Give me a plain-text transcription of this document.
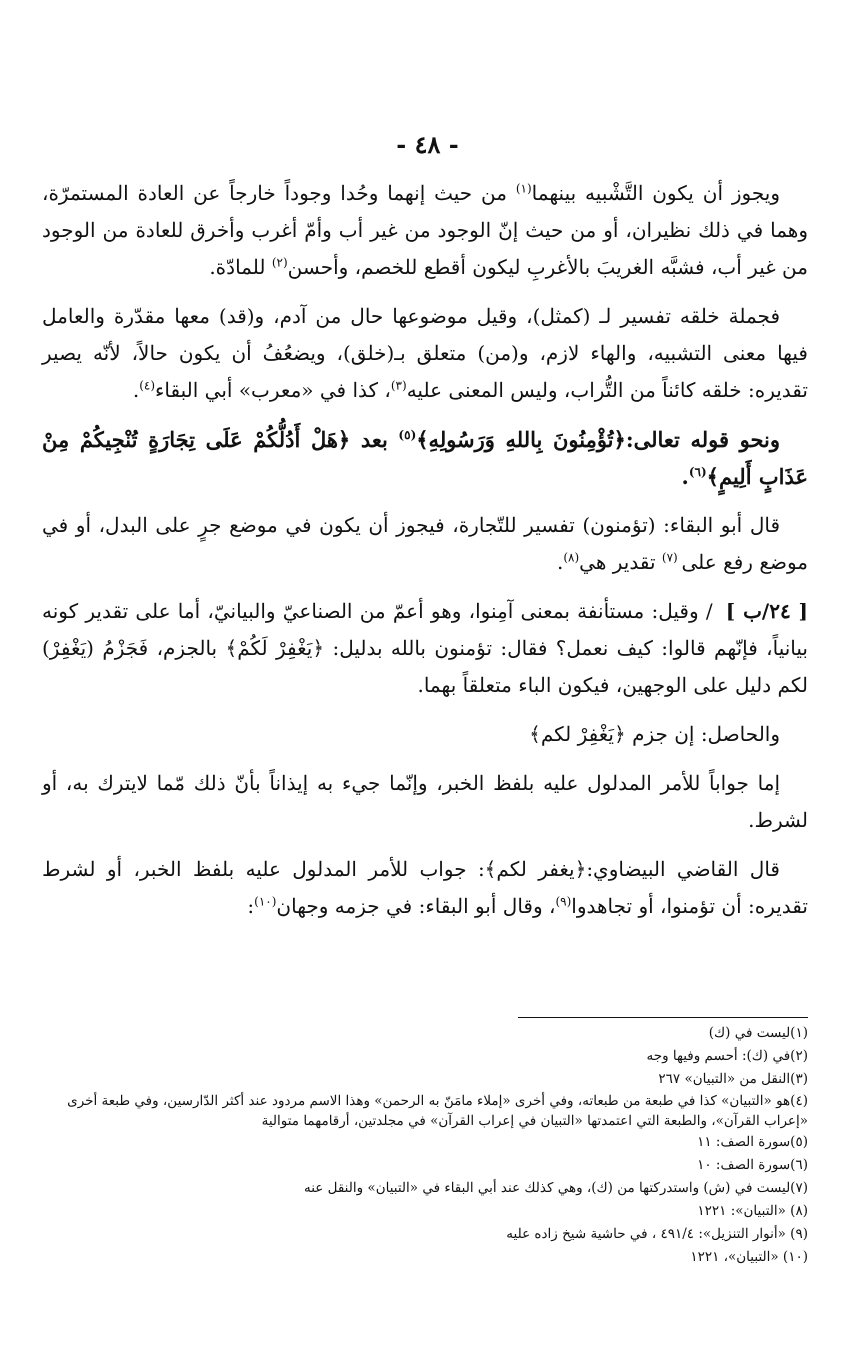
- ٤٨ -

ويجوز أن يكون التَّشْبيه بينهما$^{(١)}$ من حيث إنهما وحُدا وجوداً خارجاً عن العادة المستمرّة، وهما في ذلك نظيران، أو من حيث إنّ الوجود من غير أب وأمّ أغرب وأخرق للعادة من الوجود من غير أب، فشبَّه الغريبَ بالأغربِ ليكون أقطع للخصم، وأحسن$^{(٢)}$ للمادّة.

فجملة خلقه تفسير لـ (كمثل)، وقيل موضوعها حال من آدم، و(قد) معها مقدّرة والعامل فيها معنى التشبيه، والهاء لازم، و(من) متعلق بـ(خلق)، ويضعُفُ أن يكون حالاً، لأنّه يصير تقديره: خلقه كائناً من التُّراب، وليس المعنى عليه$^{(٣)}$، كذا في «معرب» أبي البقاء$^{(٤)}$.

ونحو قوله تعالى:﴿تُؤْمِنُونَ بِاللهِ وَرَسُولِهِ﴾$^{(٥)}$ بعد ﴿هَلْ أَدُلُّكُمْ عَلَى تِجَارَةٍ تُنْجِيكُمْ مِنْ عَذَابٍ أَلِيمٍ﴾$^{(٦)}$.

قال أبو البقاء: (تؤمنون) تفسير للتّجارة، فيجوز أن يكون في موضع جرٍ على البدل، أو في موضع رفع على $^{(٧)}$ تقدير هي$^{(٨)}$.

[ ٢٤/ب ] / وقيل: مستأنفة بمعنى آمِنوا، وهو أعمّ من الصناعيّ والبيانيّ، أما على تقدير كونه بيانياً، فإنّهم قالوا: كيف نعمل؟ فقال: تؤمنون بالله بدليل: ﴿يَغْفِرْ لَكُمْ﴾ بالجزم، فَجَزْمُ (يَغْفِرْ) لكم دليل على الوجهين، فيكون الباء متعلقاً بهما.

والحاصل: إن جزم ﴿يَغْفِرْ لكم﴾

إما جواباً للأمر المدلول عليه بلفظ الخبر، وإنّما جيء به إيذاناً بأنّ ذلك مّما لايترك به، أو لشرط.

قال القاضي البيضاوي:﴿يغفر لكم﴾: جواب للأمر المدلول عليه بلفظ الخبر، أو لشرط تقديره: أن تؤمنوا، أو تجاهدوا$^{(٩)}$، وقال أبو البقاء: في جزمه وجهان$^{(١٠)}$:

(١)ليست في (ك)

(٢)في (ك): أحسم وفيها وجه

(٣)النقل من «التبيان» ٢٦٧

(٤)هو «التبيان» كذا في طبعة من طبعاته، وفي أخرى «إملاء مامَنّ به الرحمن» وهذا الاسم مردود عند أكثر الدّارسين، وفي طبعة أخرى «إعراب القرآن»، والطبعة التي اعتمدتها «التبيان في إعراب القرآن» في مجلدتين، أرقامهما متوالية

(٥)سورة الصف: ١١

(٦)سورة الصف: ١٠

(٧)ليست في (ش) واستدركتها من (ك)، وهي كذلك عند أبي البقاء في «التبيان» والنقل عنه

(٨) «التبيان»: ١٢٢١

(٩) «أنوار التنزيل»: ٤٩١/٤ ، في حاشية شيخ زاده عليه

(١٠) «التبيان»، ١٢٢١
